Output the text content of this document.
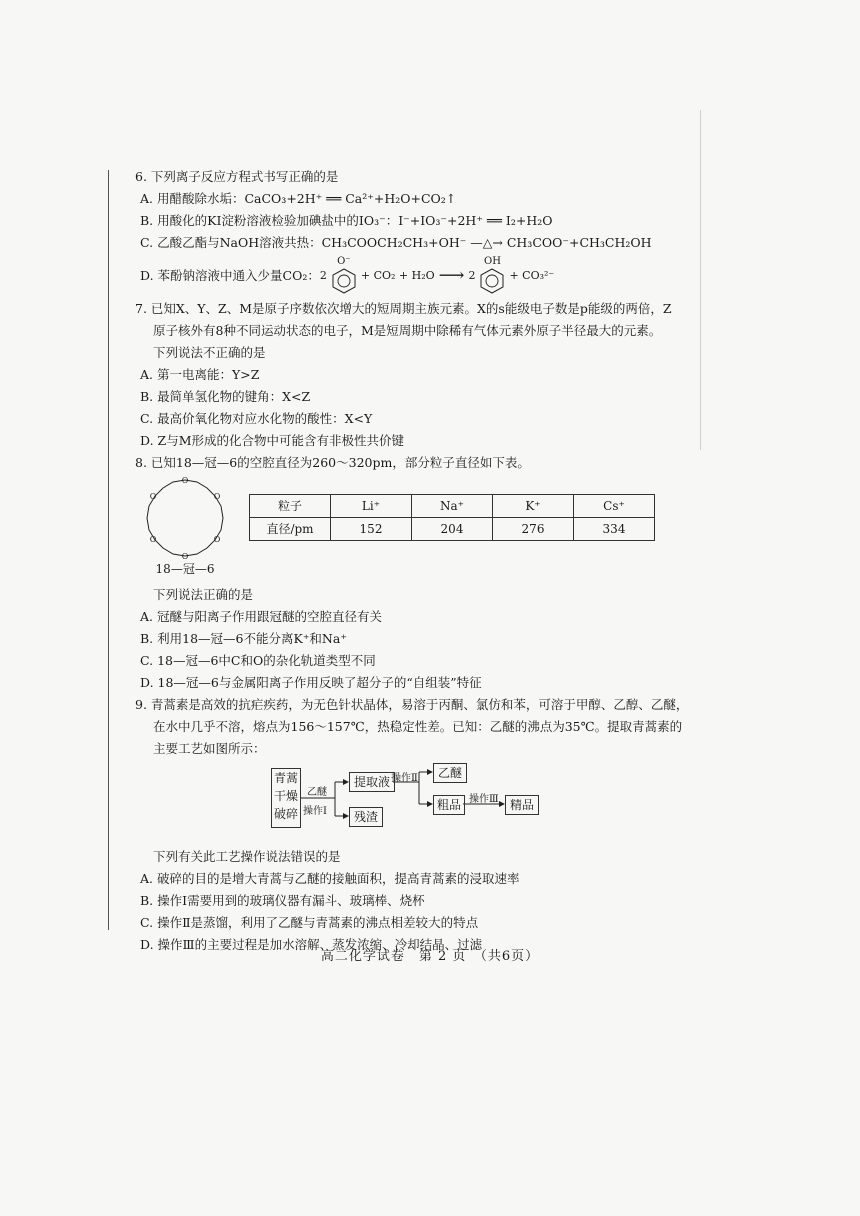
6. 下列离子反应方程式书写正确的是
A. 用醋酸除水垢：CaCO₃+2H⁺ ══ Ca²⁺+H₂O+CO₂↑
B. 用酸化的KI淀粉溶液检验加碘盐中的IO₃⁻：I⁻+IO₃⁻+2H⁺ ══ I₂+H₂O
C. 乙酸乙酯与NaOH溶液共热：CH₃COOCH₂CH₃+OH⁻ —△→ CH₃COO⁻+CH₃CH₂OH
D. 苯酚钠溶液中通入少量CO₂： 2
O⁻
+ CO₂ + H₂O ⟶ 2
OH
+ CO₃²⁻
7. 已知X、Y、Z、M是原子序数依次增大的短周期主族元素。X的s能级电子数是p能级的两倍，Z
原子核外有8种不同运动状态的电子，M是短周期中除稀有气体元素外原子半径最大的元素。
下列说法不正确的是
A. 第一电离能：Y>Z
B. 最简单氢化物的键角：X<Z
C. 最高价氧化物对应水化物的酸性：X<Y
D. Z与M形成的化合物中可能含有非极性共价键
8. 已知18—冠—6的空腔直径为260～320pm，部分粒子直径如下表。
O
O
O
O
O
O
18—冠—6
粒子	Li⁺	Na⁺	K⁺	Cs⁺
直径/pm	152	204	276	334
下列说法正确的是
A. 冠醚与阳离子作用跟冠醚的空腔直径有关
B. 利用18—冠—6不能分离K⁺和Na⁺
C. 18—冠—6中C和O的杂化轨道类型不同
D. 18—冠—6与金属阳离子作用反映了超分子的“自组装”特征
9. 青蒿素是高效的抗疟疾药，为无色针状晶体，易溶于丙酮、氯仿和苯，可溶于甲醇、乙醇、乙醚，
在水中几乎不溶，熔点为156～157℃，热稳定性差。已知：乙醚的沸点为35℃。提取青蒿素的
主要工艺如图所示：
青蒿
干燥
破碎
乙醚
操作Ⅰ
提取液
残渣
操作Ⅱ	乙醚
粗品 操作Ⅲ 精品
下列有关此工艺操作说法错误的是
A. 破碎的目的是增大青蒿与乙醚的接触面积，提高青蒿素的浸取速率
B. 操作Ⅰ需要用到的玻璃仪器有漏斗、玻璃棒、烧杯
C. 操作Ⅱ是蒸馏，利用了乙醚与青蒿素的沸点相差较大的特点
D. 操作Ⅲ的主要过程是加水溶解、蒸发浓缩、冷却结晶、过滤
高二化学试卷　第 2 页　（共6页）
